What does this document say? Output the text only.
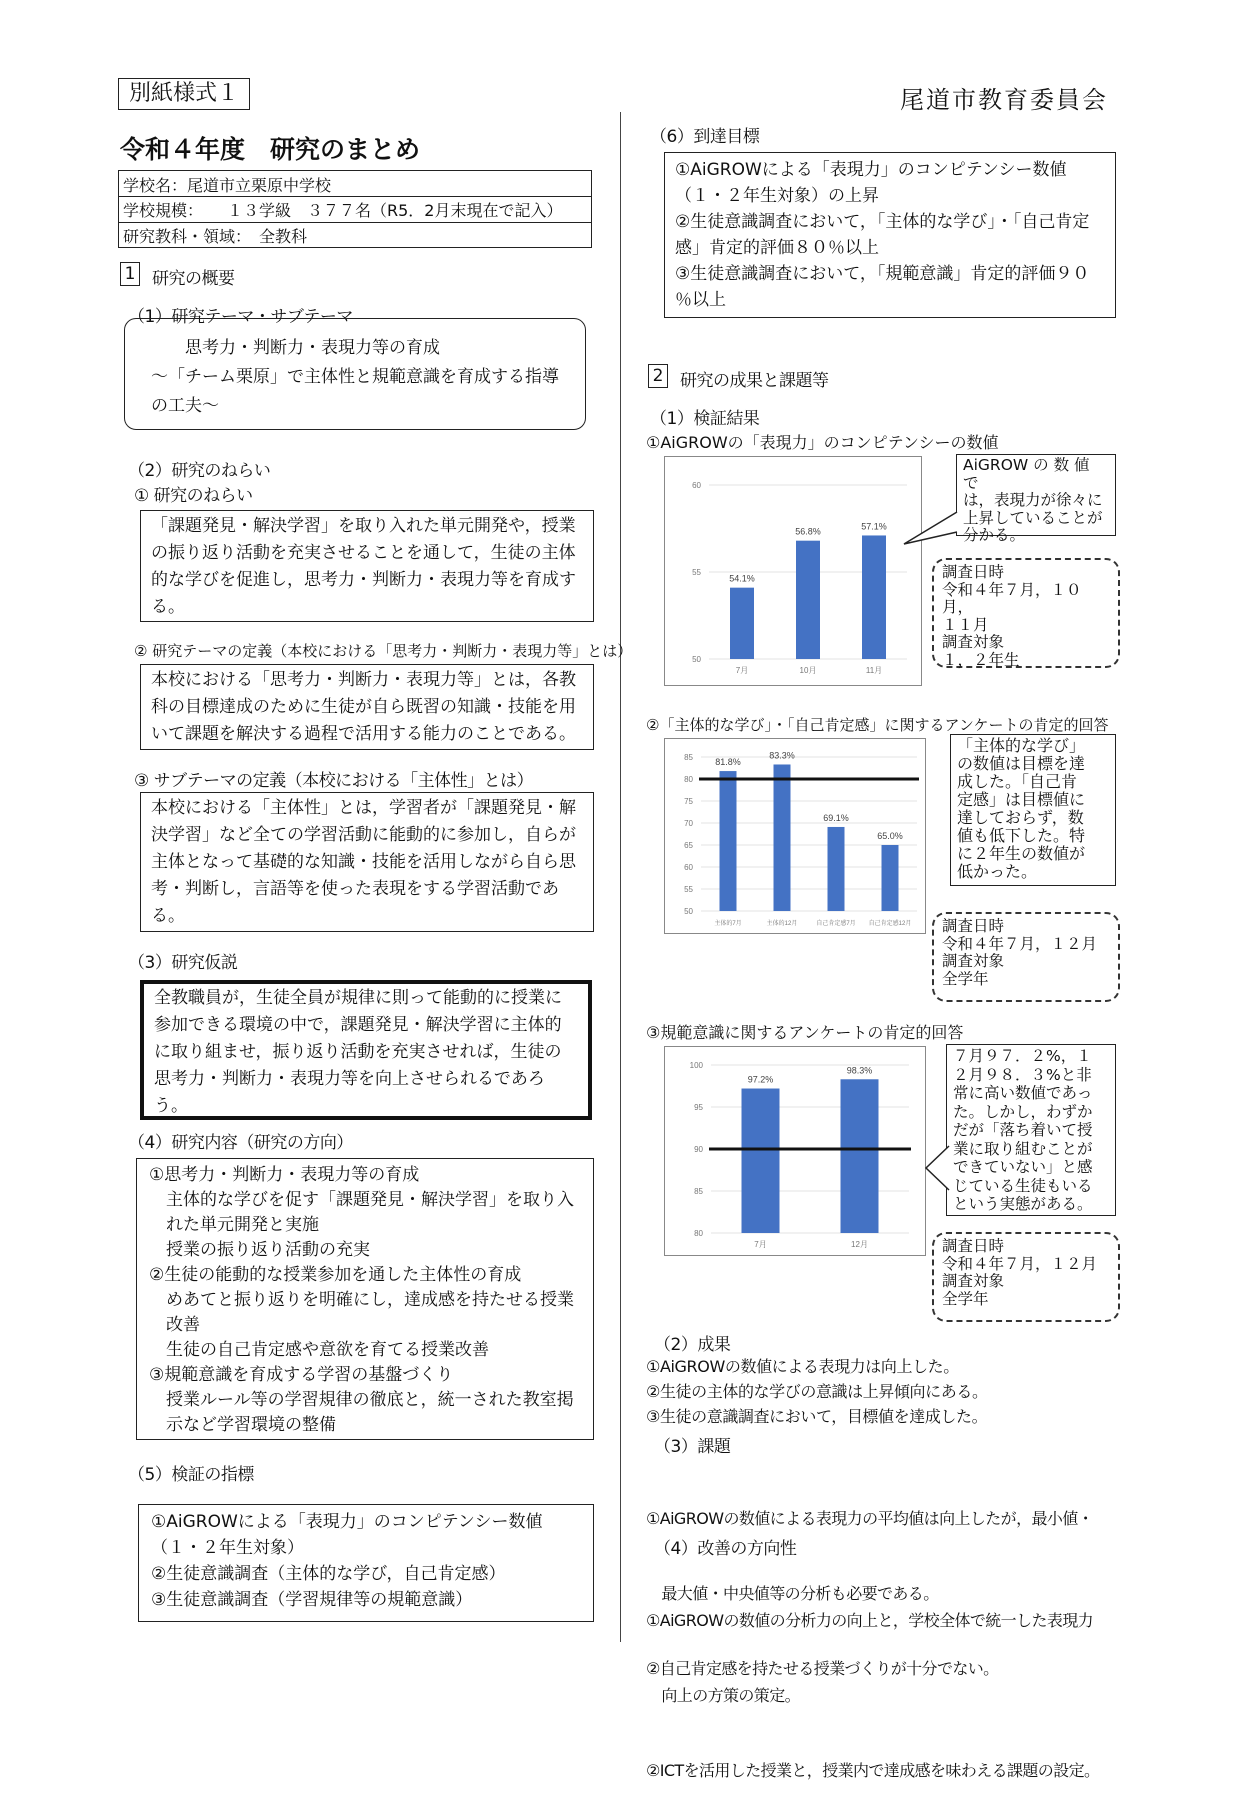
別紙様式１	尾道市教育委員会
令和４年度　研究のまとめ
学校名：尾道市立栗原中学校
学校規模： １３学級　３７７名（R5．2月末現在で記入）
研究教科・領域：　全教科
1 研究の概要
（1）研究テーマ・サブテーマ
思考力・判断力・表現力等の育成
～「チーム栗原」で主体性と規範意識を育成する指導
の工夫～
（2）研究のねらい
① 研究のねらい
「課題発見・解決学習」を取り入れた単元開発や，授業
の振り返り活動を充実させることを通して，生徒の主体
的な学びを促進し，思考力・判断力・表現力等を育成す
る。
② 研究テーマの定義（本校における「思考力・判断力・表現力等」とは）
本校における「思考力・判断力・表現力等」とは，各教
科の目標達成のために生徒が自ら既習の知識・技能を用
いて課題を解決する過程で活用する能力のことである。
③ サブテーマの定義（本校における「主体性」とは）
本校における「主体性」とは，学習者が「課題発見・解
決学習」など全ての学習活動に能動的に参加し，自らが
主体となって基礎的な知識・技能を活用しながら自ら思
考・判断し，言語等を使った表現をする学習活動であ
る。
（3）研究仮説
全教職員が，生徒全員が規律に則って能動的に授業に
参加できる環境の中で，課題発見・解決学習に主体的
に取り組ませ，振り返り活動を充実させれば，生徒の
思考力・判断力・表現力等を向上させられるであろ
う。
（4）研究内容（研究の方向）
①思考力・判断力・表現力等の育成
　主体的な学びを促す「課題発見・解決学習」を取り入
　れた単元開発と実施
　授業の振り返り活動の充実
②生徒の能動的な授業参加を通した主体性の育成
　めあてと振り返りを明確にし，達成感を持たせる授業
　改善
　生徒の自己肯定感や意欲を育てる授業改善
③規範意識を育成する学習の基盤づくり
　授業ルール等の学習規律の徹底と，統一された教室掲
　示など学習環境の整備
（5）検証の指標
①AiGROWによる「表現力」のコンピテンシー数値
（１・２年生対象）
②生徒意識調査（主体的な学び，自己肯定感）
③生徒意識調査（学習規律等の規範意識）
（6）到達目標
①AiGROWによる「表現力」のコンピテンシー数値
（１・２年生対象）の上昇
②生徒意識調査において，「主体的な学び」・「自己肯定
感」肯定的評価８０％以上
③生徒意識調査において，「規範意識」肯定的評価９０
％以上
2 研究の成果と課題等
（1）検証結果
①AiGROWの「表現力」のコンピテンシーの数値
50
55
60
54.1%
7月
56.8%
10月
57.1%
11月
AiGROW の 数 値 で
は，表現力が徐々に
上昇していることが
分かる。
調査日時
令和４年７月，１０月，
１１月
調査対象
１，２年生
②「主体的な学び」・「自己肯定感」に関するアンケートの肯定的回答
50
55
60
65
70
75
80
85 81.8%
主体的7月
83.3%
主体的12月
69.1%
自己肯定感7月
65.0%
自己肯定感12月
「主体的な学び」
の数値は目標を達
成した。「自己肯
定感」は目標値に
達しておらず，数
値も低下した。特
に２年生の数値が
低かった。
調査日時
令和４年７月，１２月
調査対象
全学年
③規範意識に関するアンケートの肯定的回答
80
85
90
95
100
97.2%
7月
98.3%
12月
７月９７．２%，１
２月９８．３%と非
常に高い数値であっ
た。しかし，わずか
だが「落ち着いて授
業に取り組むことが
できていない」と感
じている生徒もいる
という実態がある。
調査日時
令和４年７月，１２月
調査対象
全学年
（2）成果
①AiGROWの数値による表現力は向上した。
②生徒の主体的な学びの意識は上昇傾向にある。
③生徒の意識調査において，目標値を達成した。
（3）課題

①AiGROWの数値による表現力の平均値は向上したが，最小値・

　最大値・中央値等の分析も必要である。

②自己肯定感を持たせる授業づくりが十分でない。

（4）改善の方向性

①AiGROWの数値の分析力の向上と，学校全体で統一した表現力

　向上の方策の策定。

②ICTを活用した授業と，授業内で達成感を味わえる課題の設定。
